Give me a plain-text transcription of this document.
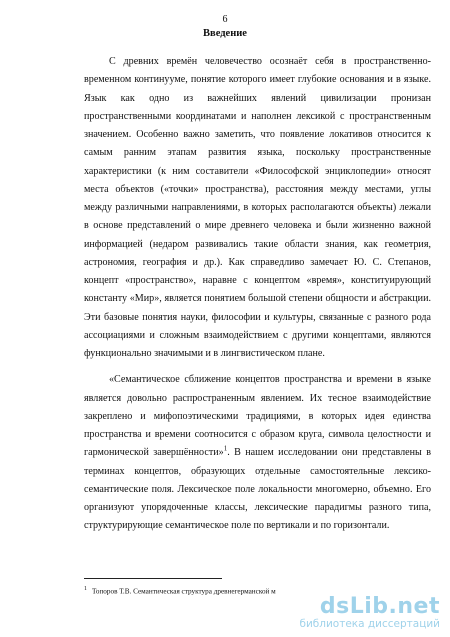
6
Введение

С древних времён человечество осознаёт себя в пространственно-временном континууме, понятие которого имеет глубокие основания и в языке. Язык как одно из важнейших явлений цивилизации пронизан пространственными координатами и наполнен лексикой с пространственным значением. Особенно важно заметить, что появление локативов относится к самым ранним этапам развития языка, поскольку пространственные характеристики (к ним составители «Философской энциклопедии» относят места объектов («точки» пространства), расстояния между местами, углы между различными направлениями, в которых располагаются объекты) лежали в основе представлений о мире древнего человека и были жизненно важной информацией (недаром развивались такие области знания, как геометрия, астрономия, география и др.). Как справедливо замечает Ю. С. Степанов, концепт «пространство», наравне с концептом «время», конституирующий константу «Мир», является понятием большой степени общности и абстракции. Эти базовые понятия науки, философии и культуры, связанные с разного рода ассоциациями и сложным взаимодействием с другими концептами, являются функционально значимыми и в лингвистическом плане.

«Семантическое сближение концептов пространства и времени в языке является довольно распространенным явлением. Их тесное взаимодействие закреплено и мифопоэтическими традициями, в которых идея единства пространства и времени соотносится с образом круга, символа целостности и гармонической завершённости»$^1$. В нашем исследовании они представлены в терминах концептов, образующих отдельные самостоятельные лексико-семантические поля. Лексическое поле локальности многомерно, объемно. Его организуют упорядоченные классы, лексические парадигмы разного типа, структурирующие семантическое поле по вертикали и по горизонтали.

$^1$ Топоров Т.В. Семантическая структура древнегерманской м
dsLib.net
библиотека диссертаций
